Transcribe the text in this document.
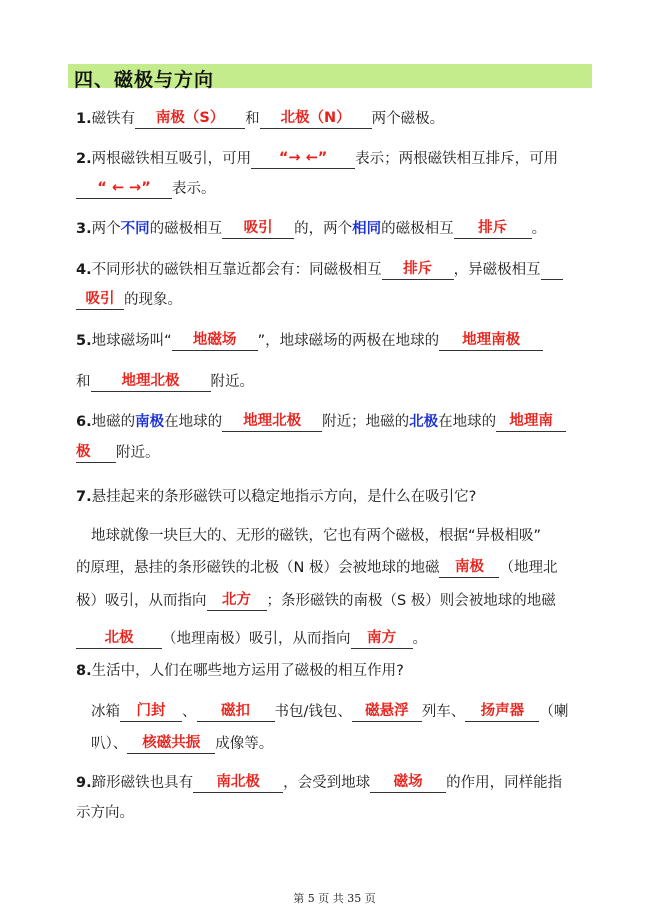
四、磁极与方向
1.磁铁有 南极（S） 和 北极（N） 两个磁极。
2.两根磁铁相互吸引，可用 “→ ←” 表示；两根磁铁相互排斥，可用
“ ← →” 表示。
3.两个不同的磁极相互 吸引 的，两个相同的磁极相互 排斥 。
4.不同形状的磁铁相互靠近都会有：同磁极相互 排斥 ，异磁极相互
吸引 的现象。
5.地球磁场叫“ 地磁场 ”，地球磁场的两极在地球的 地理南极
和 地理北极 附近。
6.地磁的南极在地球的 地理北极 附近；地磁的北极在地球的 地理南
极 附近。
7.悬挂起来的条形磁铁可以稳定地指示方向，是什么在吸引它?
地球就像一块巨大的、无形的磁铁，它也有两个磁极，根据“异极相吸”
的原理，悬挂的条形磁铁的北极（N 极）会被地球的地磁 南极 （地理北
极）吸引，从而指向 北方 ；条形磁铁的南极（S 极）则会被地球的地磁
北极 （地理南极）吸引，从而指向 南方 。
8.生活中，人们在哪些地方运用了磁极的相互作用?
冰箱 门封 、 磁扣 书包/钱包、 磁悬浮 列车、 扬声器 （喇
叭）、 核磁共振 成像等。
9.蹄形磁铁也具有 南北极 ，会受到地球 磁场 的作用，同样能指
示方向。
第 5 页 共 35 页
